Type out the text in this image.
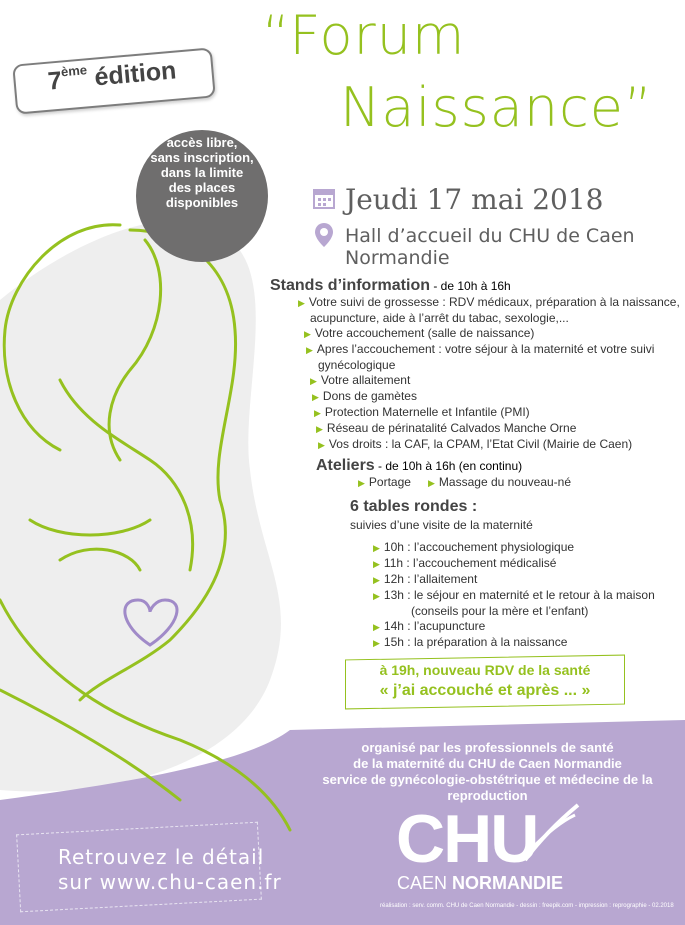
“Forum
Naissance”
7ème édition
accès libre,
sans inscription,
dans la limite
des places
disponibles	Jeudi 17 mai 2018
Hall d’accueil du CHU de Caen Normandie
Stands d’information - de 10h à 16h
▶ Votre suivi de grossesse : RDV médicaux, préparation à la naissance,
acupuncture, aide à l’arrêt du tabac, sexologie,...
▶ Votre accouchement (salle de naissance)
▶ Apres l’accouchement : votre séjour à la maternité et votre suivi
gynécologique
▶ Votre allaitement
▶ Dons de gamètes
▶ Protection Maternelle et Infantile (PMI)
▶ Réseau de périnatalité Calvados Manche Orne
▶ Vos droits : la CAF, la CPAM, l’Etat Civil (Mairie de Caen)
Ateliers - de 10h à 16h (en continu)
▶ Portage ▶ Massage du nouveau-né
6 tables rondes :
suivies d’une visite de la maternité
▶ 10h : l’accouchement physiologique
▶ 11h : l’accouchement médicalisé
▶ 12h : l’allaitement
▶ 13h : le séjour en maternité et le retour à la maison
(conseils pour la mère et l’enfant)
▶ 14h : l’acupuncture
▶ 15h : la préparation à la naissance
à 19h, nouveau RDV de la santé
« j’ai accouché et après ... »
organisé par les professionnels de santé
de la maternité du CHU de Caen Normandie
service de gynécologie-obstétrique et médecine de la reproduction
Retrouvez le détail
sur www.chu-caen.fr
CHU
CAEN NORMANDIE
réalisation : serv. comm. CHU de Caen Normandie - dessin : freepik.com - impression : reprographie - 02.2018
